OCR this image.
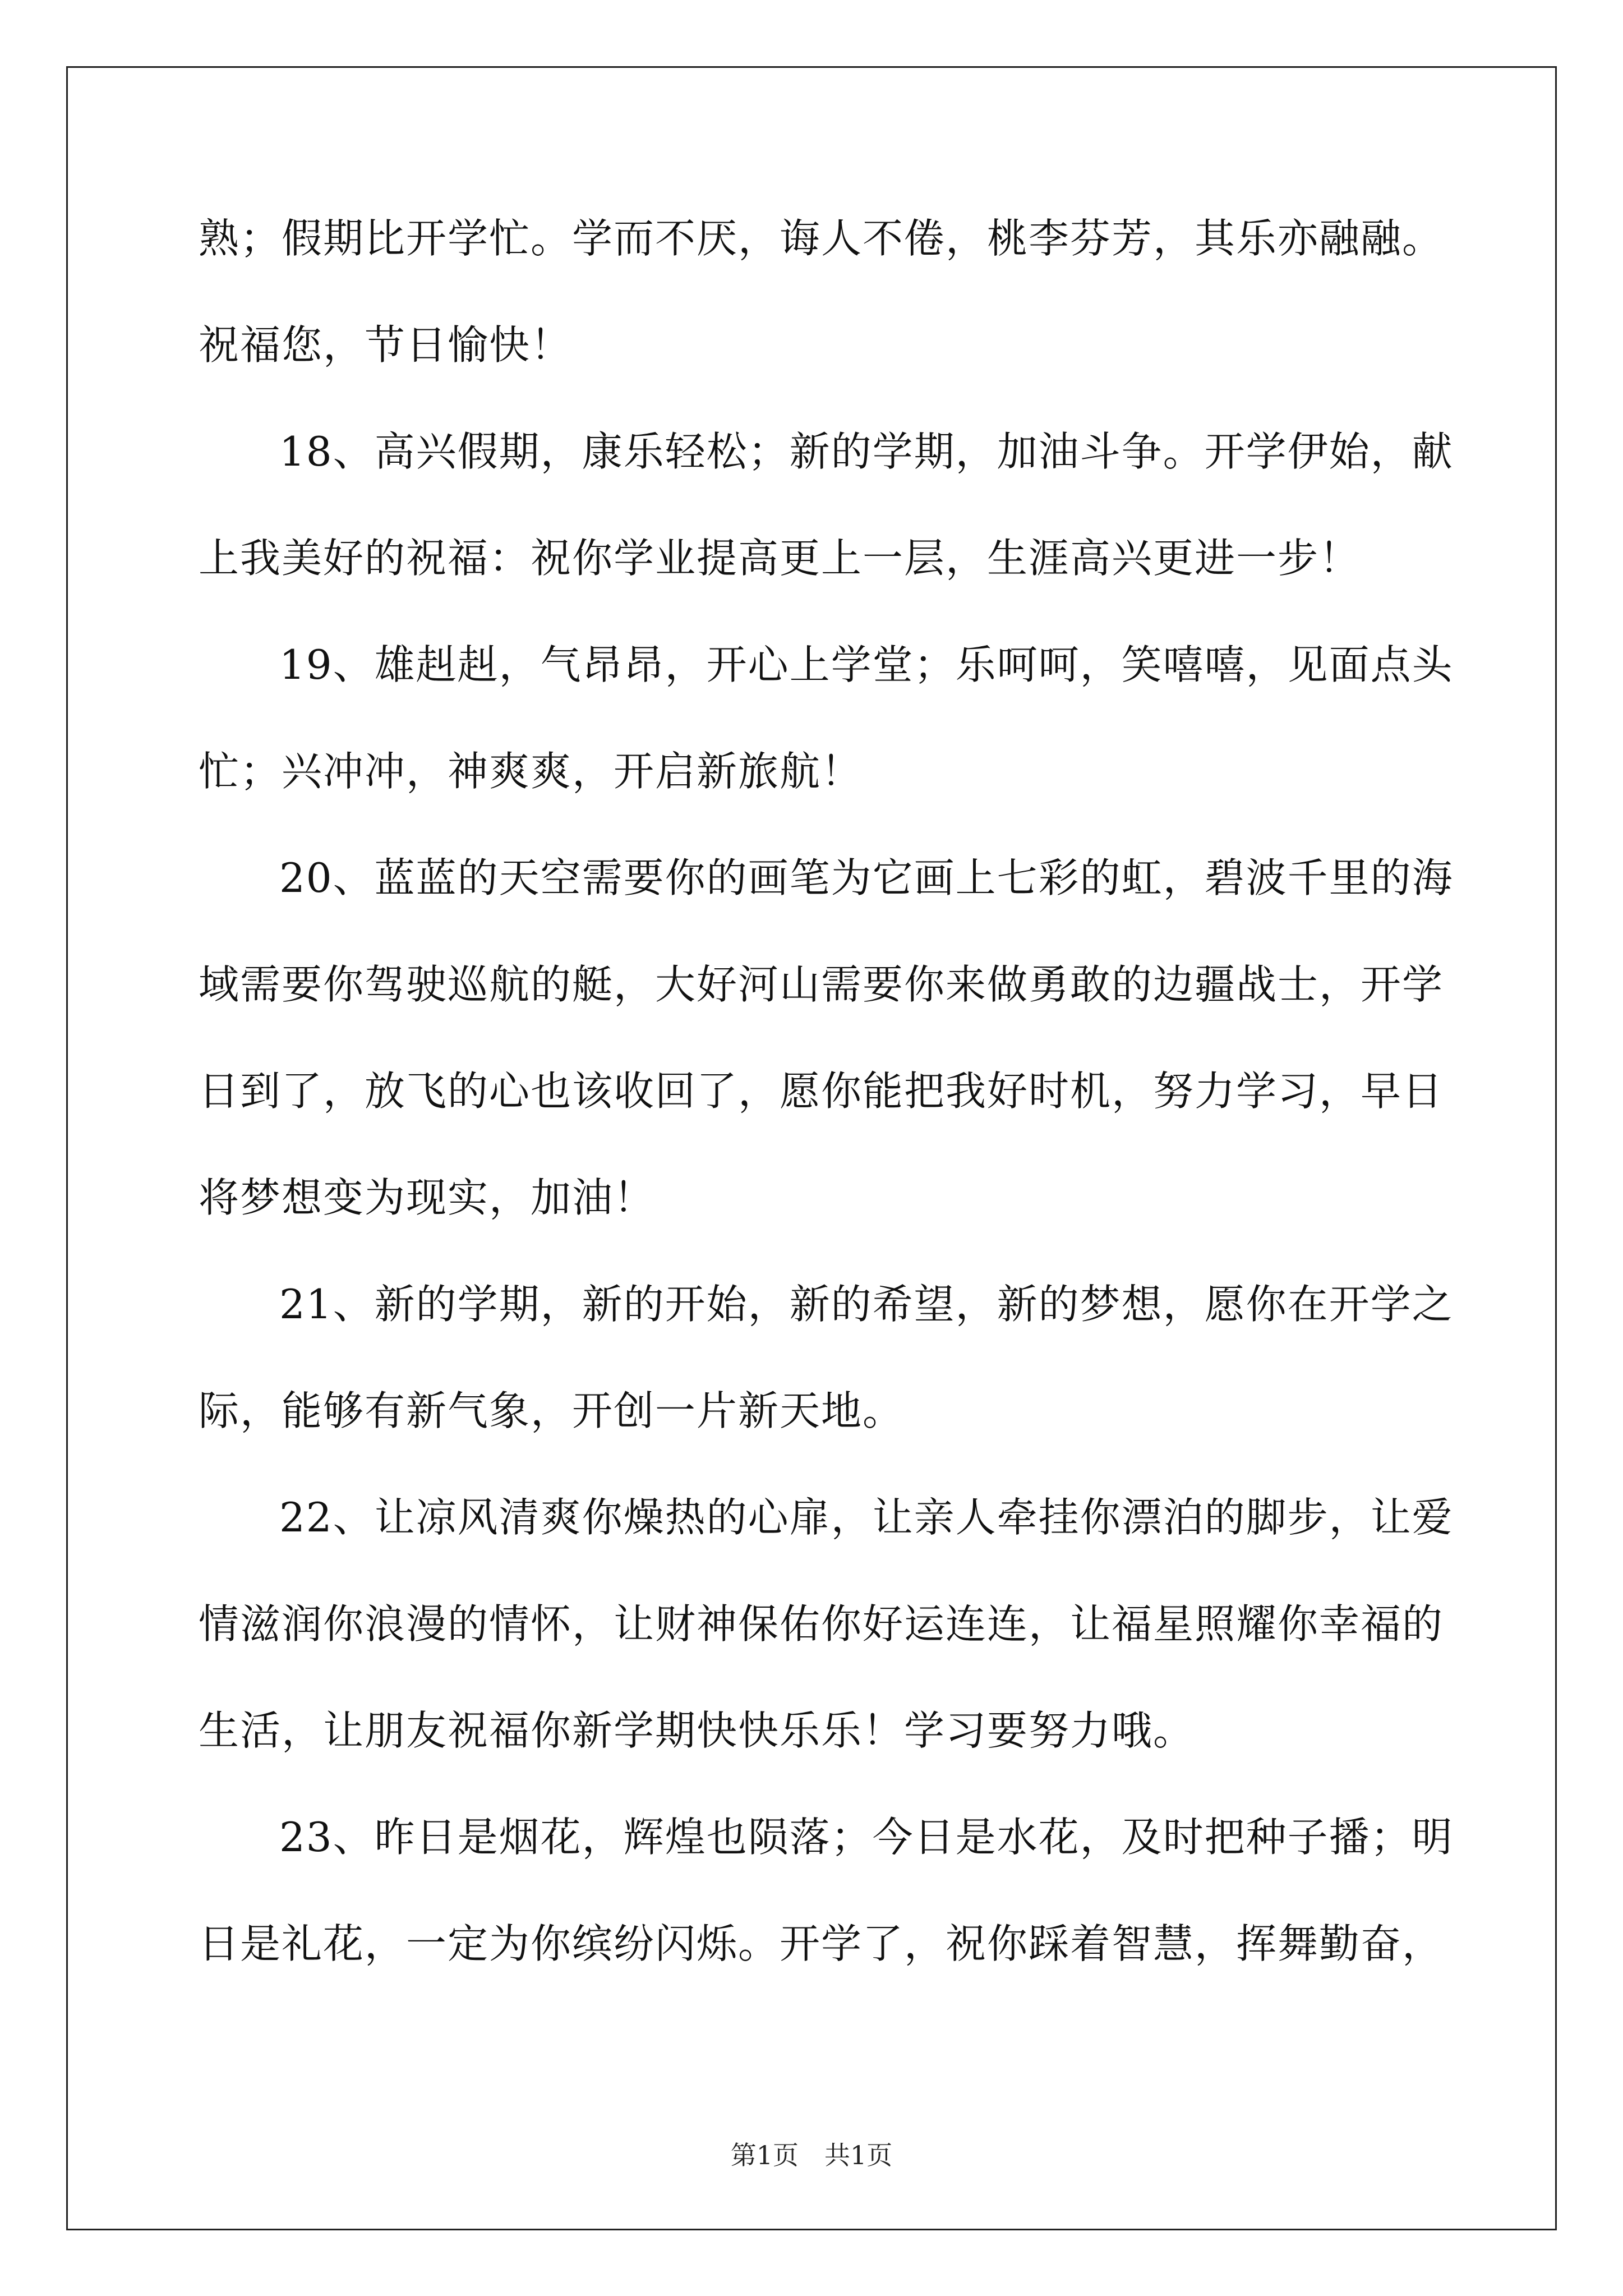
熟；假期比开学忙。学而不厌，诲人不倦，桃李芬芳，其乐亦融融。
祝福您，节日愉快！
18、高兴假期，康乐轻松；新的学期，加油斗争。开学伊始，献
上我美好的祝福：祝你学业提高更上一层，生涯高兴更进一步！
19、雄赳赳，气昂昂，开心上学堂；乐呵呵，笑嘻嘻，见面点头
忙；兴冲冲，神爽爽，开启新旅航！
20、蓝蓝的天空需要你的画笔为它画上七彩的虹，碧波千里的海
域需要你驾驶巡航的艇，大好河山需要你来做勇敢的边疆战士，开学
日到了，放飞的心也该收回了，愿你能把我好时机，努力学习，早日
将梦想变为现实，加油！
21、新的学期，新的开始，新的希望，新的梦想，愿你在开学之
际，能够有新气象，开创一片新天地。
22、让凉风清爽你燥热的心扉，让亲人牵挂你漂泊的脚步，让爱
情滋润你浪漫的情怀，让财神保佑你好运连连，让福星照耀你幸福的
生活，让朋友祝福你新学期快快乐乐！学习要努力哦。
23、昨日是烟花，辉煌也陨落；今日是水花，及时把种子播；明
日是礼花，一定为你缤纷闪烁。开学了，祝你踩着智慧，挥舞勤奋，
第1页　共1页
